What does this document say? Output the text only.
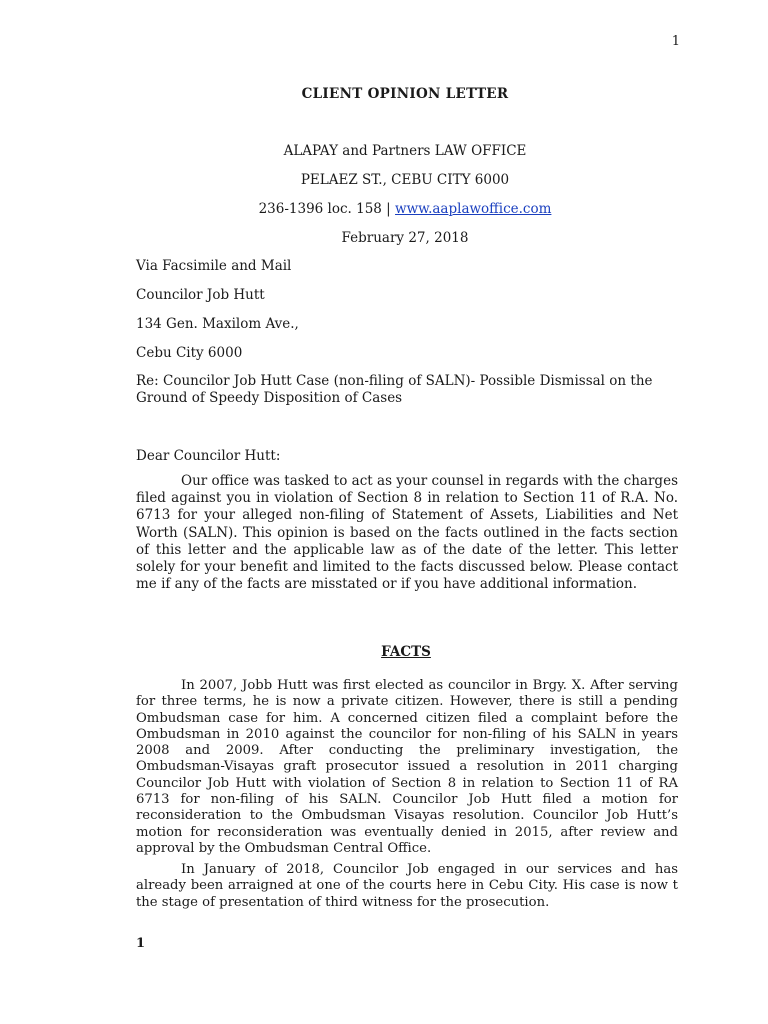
1
CLIENT OPINION LETTER
ALAPAY and Partners LAW OFFICE
PELAEZ ST., CEBU CITY 6000
236-1396 loc. 158 | www.aaplawoffice.com
February 27, 2018
Via Facsimile and Mail
Councilor Job Hutt
134 Gen. Maxilom Ave.,
Cebu City 6000
Re: Councilor Job Hutt Case (non-filing of SALN)- Possible Dismissal on the Ground of Speedy Disposition of Cases
Dear Councilor Hutt:
Our office was tasked to act as your counsel in regards with the charges filed against you in violation of Section 8 in relation to Section 11 of R.A. No. 6713 for your alleged non-filing of Statement of Assets, Liabilities and Net Worth (SALN). This opinion is based on the facts outlined in the facts section of this letter and the applicable law as of the date of the letter. This letter solely for your benefit and limited to the facts discussed below. Please contact me if any of the facts are misstated or if you have additional information.
FACTS
In 2007, Jobb Hutt was first elected as councilor in Brgy. X. After serving for three terms, he is now a private citizen. However, there is still a pending Ombudsman case for him. A concerned citizen filed a complaint before the Ombudsman in 2010 against the councilor for non-filing of his SALN in years 2008 and 2009. After conducting the preliminary investigation, the Ombudsman-Visayas graft prosecutor issued a resolution in 2011 charging Councilor Job Hutt with violation of Section 8 in relation to Section 11 of RA 6713 for non-filing of his SALN. Councilor Job Hutt filed a motion for reconsideration to the Ombudsman Visayas resolution. Councilor Job Hutt’s motion for reconsideration was eventually denied in 2015, after review and approval by the Ombudsman Central Office.
In January of 2018, Councilor Job engaged in our services and has already been arraigned at one of the courts here in Cebu City. His case is now t the stage of presentation of third witness for the prosecution.
1
